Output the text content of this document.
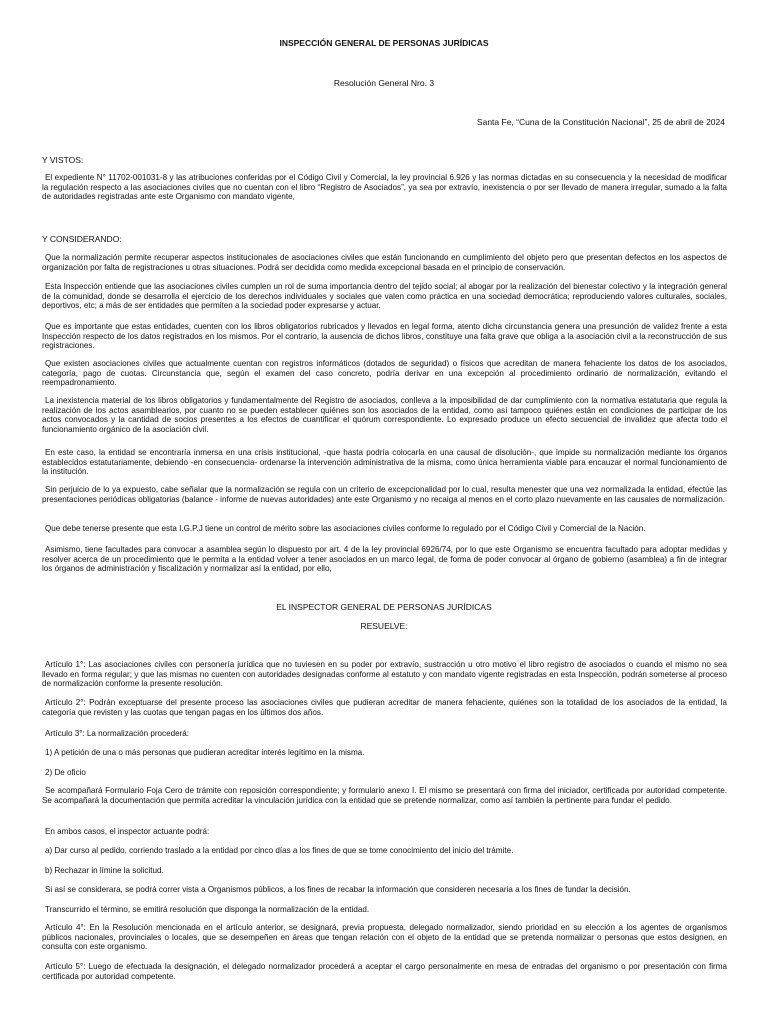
INSPECCIÓN GENERAL DE PERSONAS JURÍDICAS
Resolución General Nro. 3
Santa Fe, “Cuna de la Constitución Nacional”, 25 de abril de 2024
Y VISTOS:

El expediente N° 11702-001031-8 y las atribuciones conferidas por el Código Civil y Comercial, la ley provincial 6.926 y las normas dictadas en su consecuencia y la necesidad de modificar la regulación respecto a las asociaciones civiles que no cuentan con el libro “Registro de Asociados”, ya sea por extravío, inexistencia o por ser llevado de manera irregular, sumado a la falta de autoridades registradas ante este Organismo con mandato vigente,

Y CONSIDERANDO:

Que la normalización permite recuperar aspectos institucionales de asociaciones civiles que están funcionando en cumplimiento del objeto pero que presentan defectos en los aspectos de organización por falta de registraciones u otras situaciones. Podrá ser decidida como medida excepcional basada en el principio de conservación.

Esta Inspección entiende que las asociaciones civiles cumplen un rol de suma importancia dentro del tejido social; al abogar por la realización del bienestar colectivo y la integración general de la comunidad, donde se desarrolla el ejercicio de los derechos individuales y sociales que valen como práctica en una sociedad democrática; reproduciendo valores culturales, sociales, deportivos, etc; a más de ser entidades que permiten a la sociedad poder expresarse y actuar.

Que es importante que estas entidades, cuenten con los libros obligatorios rubricados y llevados en legal forma, atento dicha circunstancia genera una presunción de validez frente a esta Inspección respecto de los datos registrados en los mismos. Por el contrario, la ausencia de dichos libros, constituye una falta grave que obliga a la asociación civil a la reconstrucción de sus registraciones.

Que existen asociaciones civiles que actualmente cuentan con registros informáticos (dotados de seguridad) o físicos que acreditan de manera fehaciente los datos de los asociados, categoría, pago de cuotas. Circunstancia que, según el examen del caso concreto, podría derivar en una excepción al procedimiento ordinario de normalización, evitando el reempadronamiento.

La inexistencia material de los libros obligatorios y fundamentalmente del Registro de asociados, conlleva a la imposibilidad de dar cumplimiento con la normativa estatutaria que regula la realización de los actos asamblearios, por cuanto no se pueden establecer quiénes son los asociados de la entidad, como así tampoco quiénes están en condiciones de participar de los actos convocados y la cantidad de socios presentes a los efectos de cuantificar el quórum correspondiente. Lo expresado produce un efecto secuencial de invalidez que afecta todo el funcionamiento orgánico de la asociación civil.

En este caso, la entidad se encontraría inmersa en una crisis institucional, -que hasta podría colocarla en una causal de disolución-, que impide su normalización mediante los órganos establecidos estatutariamente, debiendo -en consecuencia- ordenarse la intervención administrativa de la misma, como única herramienta viable para encauzar el normal funcionamiento de la institución.

Sin perjuicio de lo ya expuesto, cabe señalar que la normalización se regula con un criterio de excepcionalidad por lo cual, resulta menester que una vez normalizada la entidad, efectúe las presentaciones periódicas obligatorias (balance - informe de nuevas autoridades) ante este Organismo y no recaiga al menos en el corto plazo nuevamente en las causales de normalización.

Que debe tenerse presente que esta I.G.P.J tiene un control de mérito sobre las asociaciones civiles conforme lo regulado por el Código Civil y Comercial de la Nación.

Asimismo, tiene facultades para convocar a asamblea según lo dispuesto por art. 4 de la ley provincial 6926/74, por lo que este Organismo se encuentra facultado para adoptar medidas y resolver acerca de un procedimiento que le permita a la entidad volver a tener asociados en un marco legal, de forma de poder convocar al órgano de gobierno (asamblea) a fin de integrar los órganos de administración y fiscalización y normalizar así la entidad, por ello,

EL INSPECTOR GENERAL DE PERSONAS JURÍDICAS
RESUELVE:

Artículo 1°: Las asociaciones civiles con personería jurídica que no tuviesen en su poder por extravío, sustracción u otro motivo el libro registro de asociados o cuando el mismo no sea llevado en forma regular; y que las mismas no cuenten con autoridades designadas conforme al estatuto y con mandato vigente registradas en esta Inspección, podrán someterse al proceso de normalización conforme la presente resolución.

Artículo 2°: Podrán exceptuarse del presente proceso las asociaciones civiles que pudieran acreditar de manera fehaciente, quiénes son la totalidad de los asociados de la entidad, la categoría que revisten y las cuotas que tengan pagas en los últimos dos años.

Artículo 3°: La normalización procederá:

1) A petición de una o más personas que pudieran acreditar interés legítimo en la misma.

2) De oficio

Se acompañará Formulario Foja Cero de trámite con reposición correspondiente; y formulario anexo I. El mismo se presentará con firma del iniciador, certificada por autoridad competente. Se acompañará la documentación que permita acreditar la vinculación jurídica con la entidad que se pretende normalizar, como así también la pertinente para fundar el pedido.

En ambos casos, el inspector actuante podrá:

a) Dar curso al pedido, corriendo traslado a la entidad por cinco días a los fines de que se tome conocimiento del inicio del trámite.

b) Rechazar in límine la solicitud.

Si así se considerara, se podrá correr vista a Organismos públicos, a los fines de recabar la información que consideren necesaria a los fines de fundar la decisión.

Transcurrido el término, se emitirá resolución que disponga la normalización de la entidad.

Artículo 4°: En la Resolución mencionada en el artículo anterior, se designará, previa propuesta, delegado normalizador, siendo prioridad en su elección a los agentes de organismos públicos nacionales, provinciales o locales, que se desempeñen en áreas que tengan relación con el objeto de la entidad que se pretenda normalizar o personas que estos designen, en consulta con este organismo.

Artículo 5°: Luego de efectuada la designación, el delegado normalizador procederá a aceptar el cargo personalmente en mesa de entradas del organismo o por presentación con firma certificada por autoridad competente.
